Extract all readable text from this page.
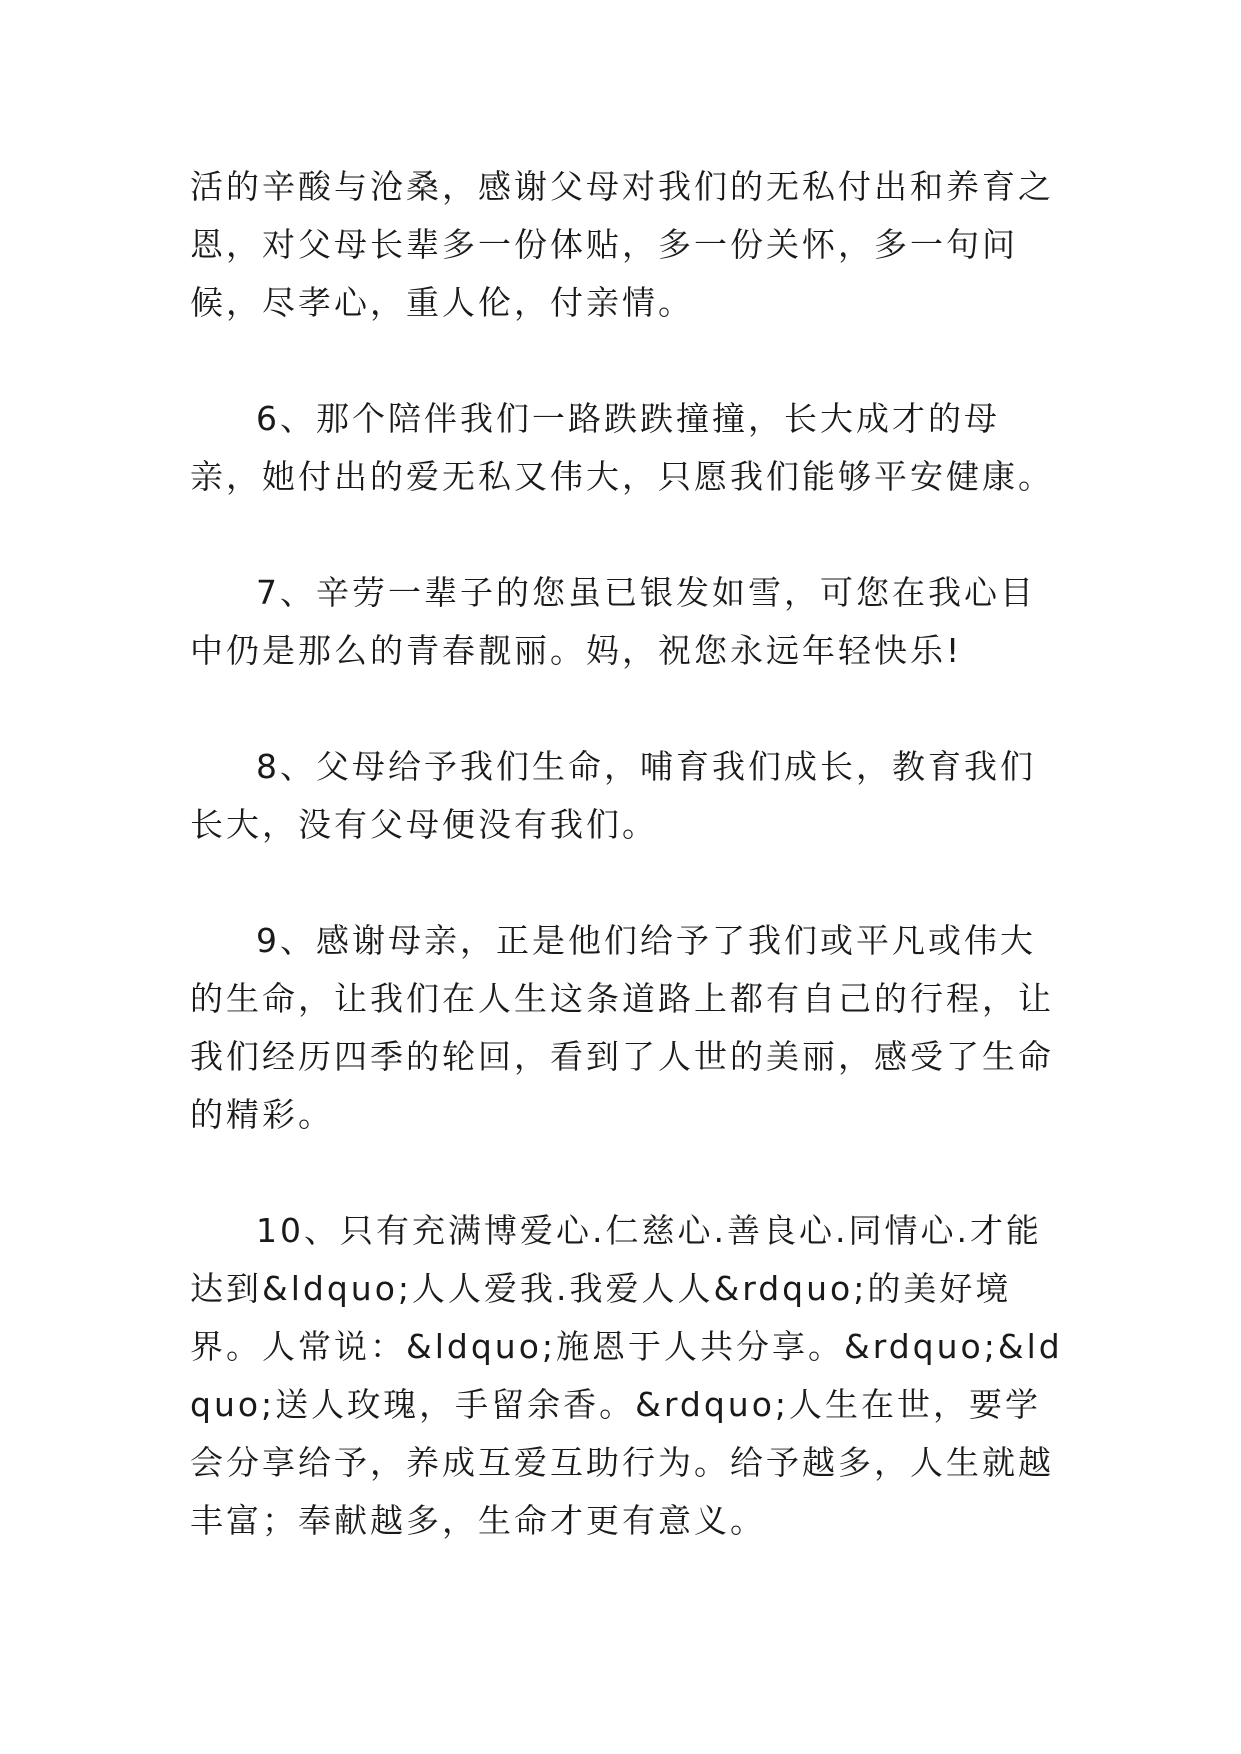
活的辛酸与沧桑，感谢父母对我们的无私付出和养育之恩，对父母长辈多一份体贴，多一份关怀，多一句问候，尽孝心，重人伦，付亲情。

6、那个陪伴我们一路跌跌撞撞，长大成才的母亲，她付出的爱无私又伟大，只愿我们能够平安健康。

7、辛劳一辈子的您虽已银发如雪，可您在我心目中仍是那么的青春靓丽。妈，祝您永远年轻快乐!

8、父母给予我们生命，哺育我们成长，教育我们长大，没有父母便没有我们。

9、感谢母亲，正是他们给予了我们或平凡或伟大的生命，让我们在人生这条道路上都有自己的行程，让我们经历四季的轮回，看到了人世的美丽，感受了生命的精彩。

10、只有充满博爱心.仁慈心.善良心.同情心.才能达到&ldquo;人人爱我.我爱人人&rdquo;的美好境界。人常说：&ldquo;施恩于人共分享。&rdquo;&ldquo;送人玫瑰，手留余香。&rdquo;人生在世，要学会分享给予，养成互爱互助行为。给予越多，人生就越丰富；奉献越多，生命才更有意义。
